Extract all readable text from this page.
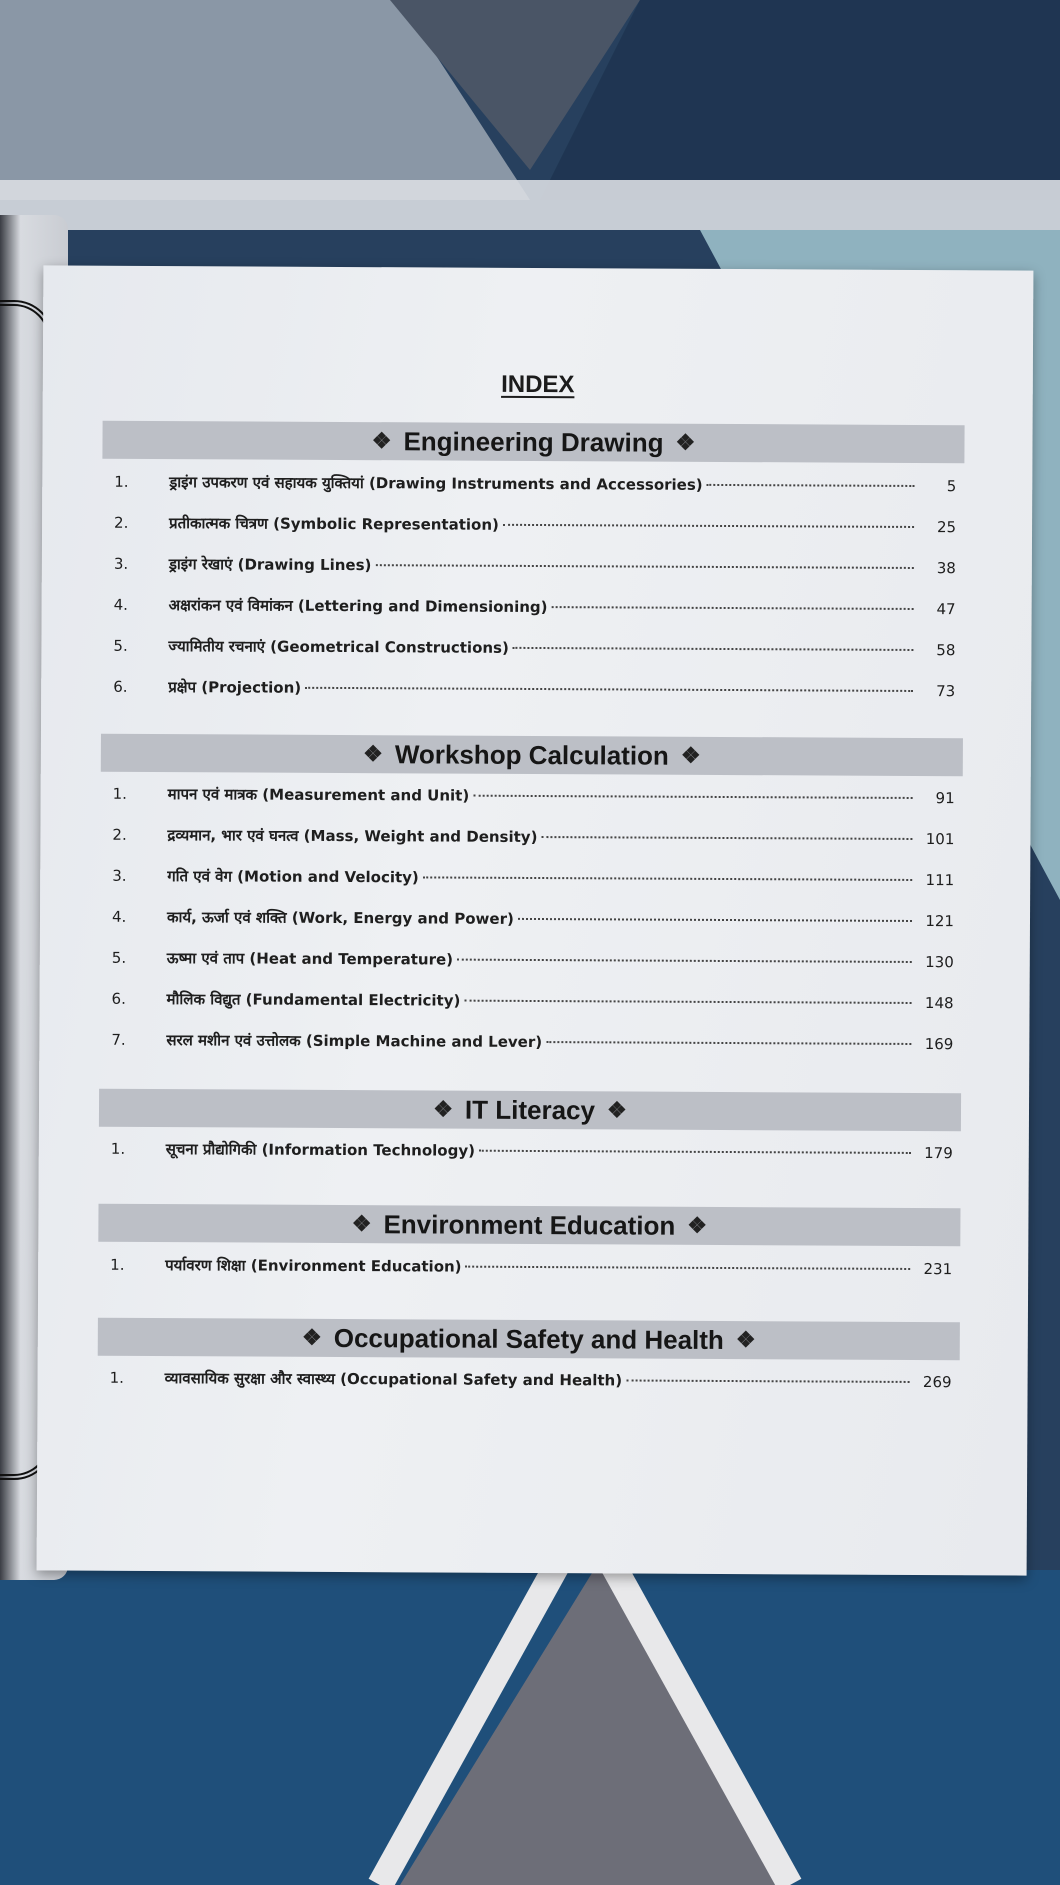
INDEX
❖ Engineering Drawing ❖
1.	ड्राइंग उपकरण एवं सहायक युक्तियां (Drawing Instruments and Accessories)	5
2.	प्रतीकात्मक चित्रण (Symbolic Representation)	25
3.	ड्राइंग रेखाएं (Drawing Lines)	38
4.	अक्षरांकन एवं विमांकन (Lettering and Dimensioning)	47
5.	ज्यामितीय रचनाएं (Geometrical Constructions)	58
6.	प्रक्षेप (Projection)	73
❖ Workshop Calculation ❖
1.	मापन एवं मात्रक (Measurement and Unit)	91
2.	द्रव्यमान, भार एवं घनत्व (Mass, Weight and Density)	101
3.	गति एवं वेग (Motion and Velocity)	111
4.	कार्य, ऊर्जा एवं शक्ति (Work, Energy and Power)	121
5.	ऊष्मा एवं ताप (Heat and Temperature)	130
6.	मौलिक विद्युत (Fundamental Electricity)	148
7.	सरल मशीन एवं उत्तोलक (Simple Machine and Lever)	169
❖ IT Literacy ❖
1.	सूचना प्रौद्योगिकी (Information Technology)	179
❖ Environment Education ❖
1.	पर्यावरण शिक्षा (Environment Education)	231
❖ Occupational Safety and Health ❖
1.	व्यावसायिक सुरक्षा और स्वास्थ्य (Occupational Safety and Health)	269
